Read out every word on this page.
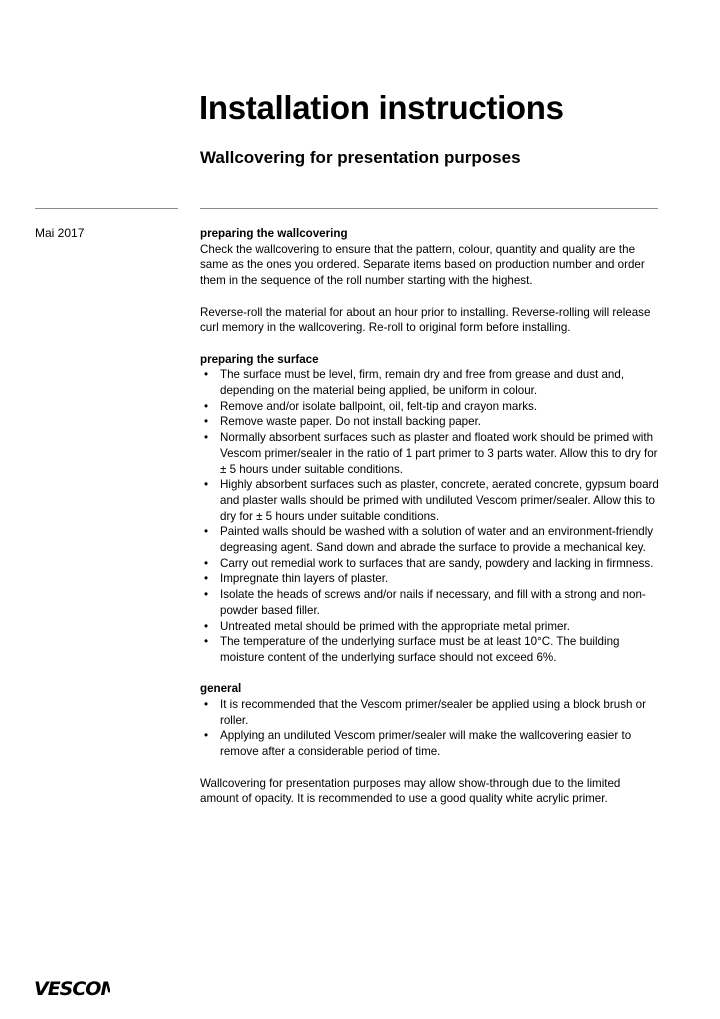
Installation instructions
Wallcovering for presentation purposes
Mai 2017	preparing the wallcovering

Check the wallcovering to ensure that the pattern, colour, quantity and quality are the same as the ones you ordered. Separate items based on production number and order them in the sequence of the roll number starting with the highest.

Reverse-roll the material for about an hour prior to installing. Reverse-rolling will release curl memory in the wallcovering. Re-roll to original form before installing.

preparing the surface
•	The surface must be level, firm, remain dry and free from grease and dust and, depending on the material being applied, be uniform in colour.
•	Remove and/or isolate ballpoint, oil, felt-tip and crayon marks.
•	Remove waste paper. Do not install backing paper.
•	Normally absorbent surfaces such as plaster and floated work should be primed with Vescom primer/sealer in the ratio of 1 part primer to 3 parts water. Allow this to dry for ± 5 hours under suitable conditions.
•	Highly absorbent surfaces such as plaster, concrete, aerated concrete, gypsum board and plaster walls should be primed with undiluted Vescom primer/sealer. Allow this to dry for ± 5 hours under suitable conditions.
•	Painted walls should be washed with a solution of water and an environment-friendly degreasing agent. Sand down and abrade the surface to provide a mechanical key.
•	Carry out remedial work to surfaces that are sandy, powdery and lacking in firmness.
•	Impregnate thin layers of plaster.
•	Isolate the heads of screws and/or nails if necessary, and fill with a strong and non-powder based filler.
•	Untreated metal should be primed with the appropriate metal primer.
•	The temperature of the underlying surface must be at least 10°C. The building moisture content of the underlying surface should not exceed 6%.
general
•	It is recommended that the Vescom primer/sealer be applied using a block brush or roller.
•	Applying an undiluted Vescom primer/sealer will make the wallcovering easier to remove after a considerable period of time.

Wallcovering for presentation purposes may allow show-through due to the limited amount of opacity. It is recommended to use a good quality white acrylic primer.

VESCOM
